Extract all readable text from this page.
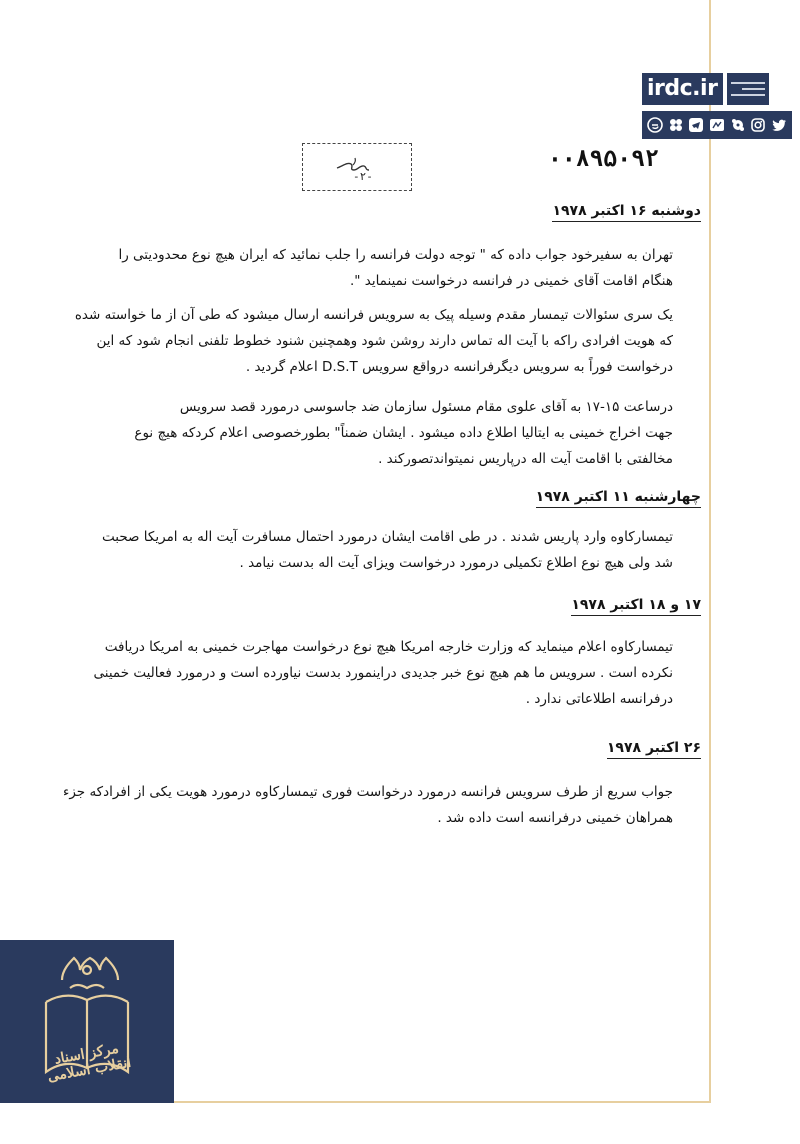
irdc.ir
-۲-
۰۰۸۹۵۰۹۲
دوشنبه ۱۶ اکتبر ۱۹۷۸

تهران به سفیرخود جواب داده که " توجه دولت فرانسه را جلب نمائید که ایران هیچ نوع محدودیتی را
هنگام اقامت آقای خمینی در فرانسه درخواست نمینماید ".

یک سری سئوالات تیمسار مقدم وسیله پیک به سرویس فرانسه ارسال میشود که طی آن از ما خواسته شده
که هویت افرادی راکه با آیت اله تماس دارند روشن شود وهمچنین شنود خطوط تلفنی انجام شود که این
درخواست فوراً به سرویس دیگرفرانسه درواقع سرویس D.S.T اعلام گردید .

درساعت ۱۵-۱۷ به آقای علوی مقام مسئول سازمان ضد جاسوسی درمورد قصد سرویس
جهت اخراج خمینی به ایتالیا اطلاع داده میشود . ایشان ضمناً" بطورخصوصی اعلام کردکه هیچ نوع
مخالفتی با اقامت آیت اله درپاریس نمیتواندتصورکند .

چهارشنبه ۱۱ اکتبر ۱۹۷۸

تیمسارکاوه وارد پاریس شدند . در طی اقامت ایشان درمورد احتمال مسافرت آیت اله به امریکا صحبت
شد ولی هیچ نوع اطلاع تکمیلی درمورد درخواست ویزای آیت اله بدست نیامد .

۱۷ و ۱۸ اکتبر ۱۹۷۸

تیمسارکاوه اعلام مینماید که وزارت خارجه امریکا هیچ نوع درخواست مهاجرت خمینی به امریکا دریافت
نکرده است . سرویس ما هم هیچ نوع خبر جدیدی دراینمورد بدست نیاورده است و درمورد فعالیت خمینی
درفرانسه اطلاعاتی ندارد .

۲۶ اکتبر ۱۹۷۸

جواب سریع از طرف سرویس فرانسه درمورد درخواست فوری تیمسارکاوه درمورد هویت یکی از افرادکه جزء
همراهان خمینی درفرانسه است داده شد .

مرکز اسناد انقلاب اسلامی
